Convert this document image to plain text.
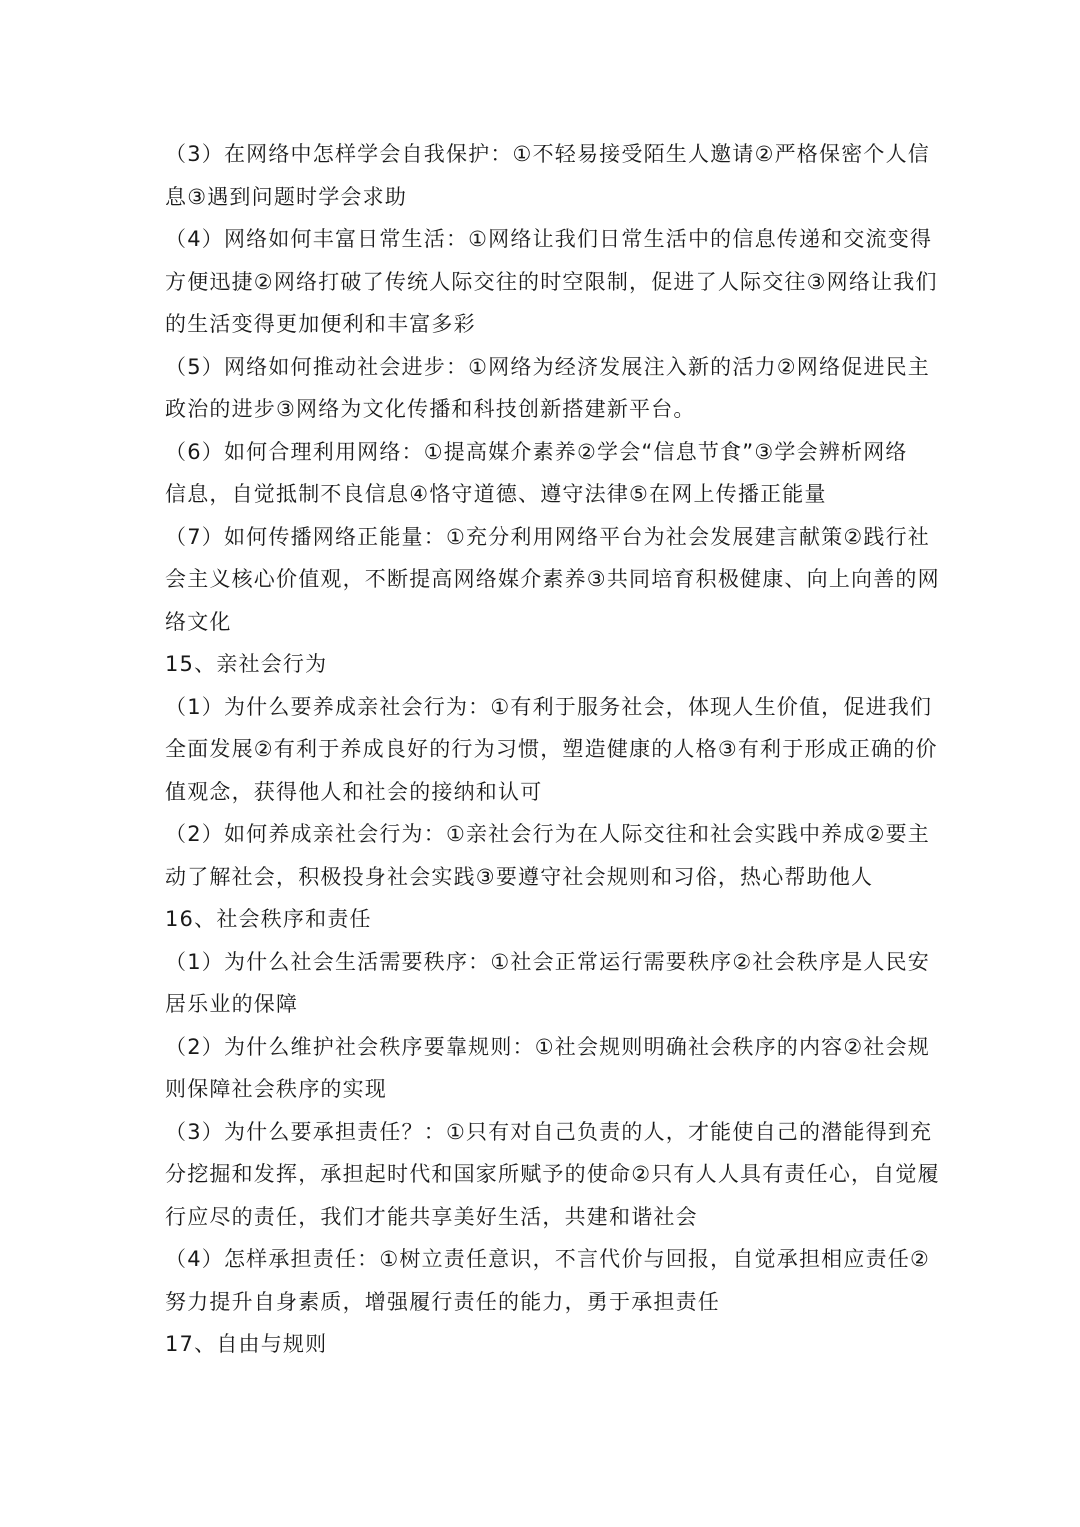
（3）在网络中怎样学会自我保护：①不轻易接受陌生人邀请②严格保密个人信
息③遇到问题时学会求助
（4）网络如何丰富日常生活：①网络让我们日常生活中的信息传递和交流变得
方便迅捷②网络打破了传统人际交往的时空限制，促进了人际交往③网络让我们
的生活变得更加便利和丰富多彩
（5）网络如何推动社会进步：①网络为经济发展注入新的活力②网络促进民主
政治的进步③网络为文化传播和科技创新搭建新平台。
（6）如何合理利用网络：①提高媒介素养②学会“信息节食”③学会辨析网络
信息，自觉抵制不良信息④恪守道德、遵守法律⑤在网上传播正能量
（7）如何传播网络正能量：①充分利用网络平台为社会发展建言献策②践行社
会主义核心价值观，不断提高网络媒介素养③共同培育积极健康、向上向善的网
络文化
15、亲社会行为
（1）为什么要养成亲社会行为：①有利于服务社会，体现人生价值，促进我们
全面发展②有利于养成良好的行为习惯，塑造健康的人格③有利于形成正确的价
值观念，获得他人和社会的接纳和认可
（2）如何养成亲社会行为：①亲社会行为在人际交往和社会实践中养成②要主
动了解社会，积极投身社会实践③要遵守社会规则和习俗，热心帮助他人
16、社会秩序和责任
（1）为什么社会生活需要秩序：①社会正常运行需要秩序②社会秩序是人民安
居乐业的保障
（2）为什么维护社会秩序要靠规则：①社会规则明确社会秩序的内容②社会规
则保障社会秩序的实现
（3）为什么要承担责任？：①只有对自己负责的人，才能使自己的潜能得到充
分挖掘和发挥，承担起时代和国家所赋予的使命②只有人人具有责任心，自觉履
行应尽的责任，我们才能共享美好生活，共建和谐社会
（4）怎样承担责任：①树立责任意识，不言代价与回报，自觉承担相应责任②
努力提升自身素质，增强履行责任的能力，勇于承担责任
17、自由与规则
